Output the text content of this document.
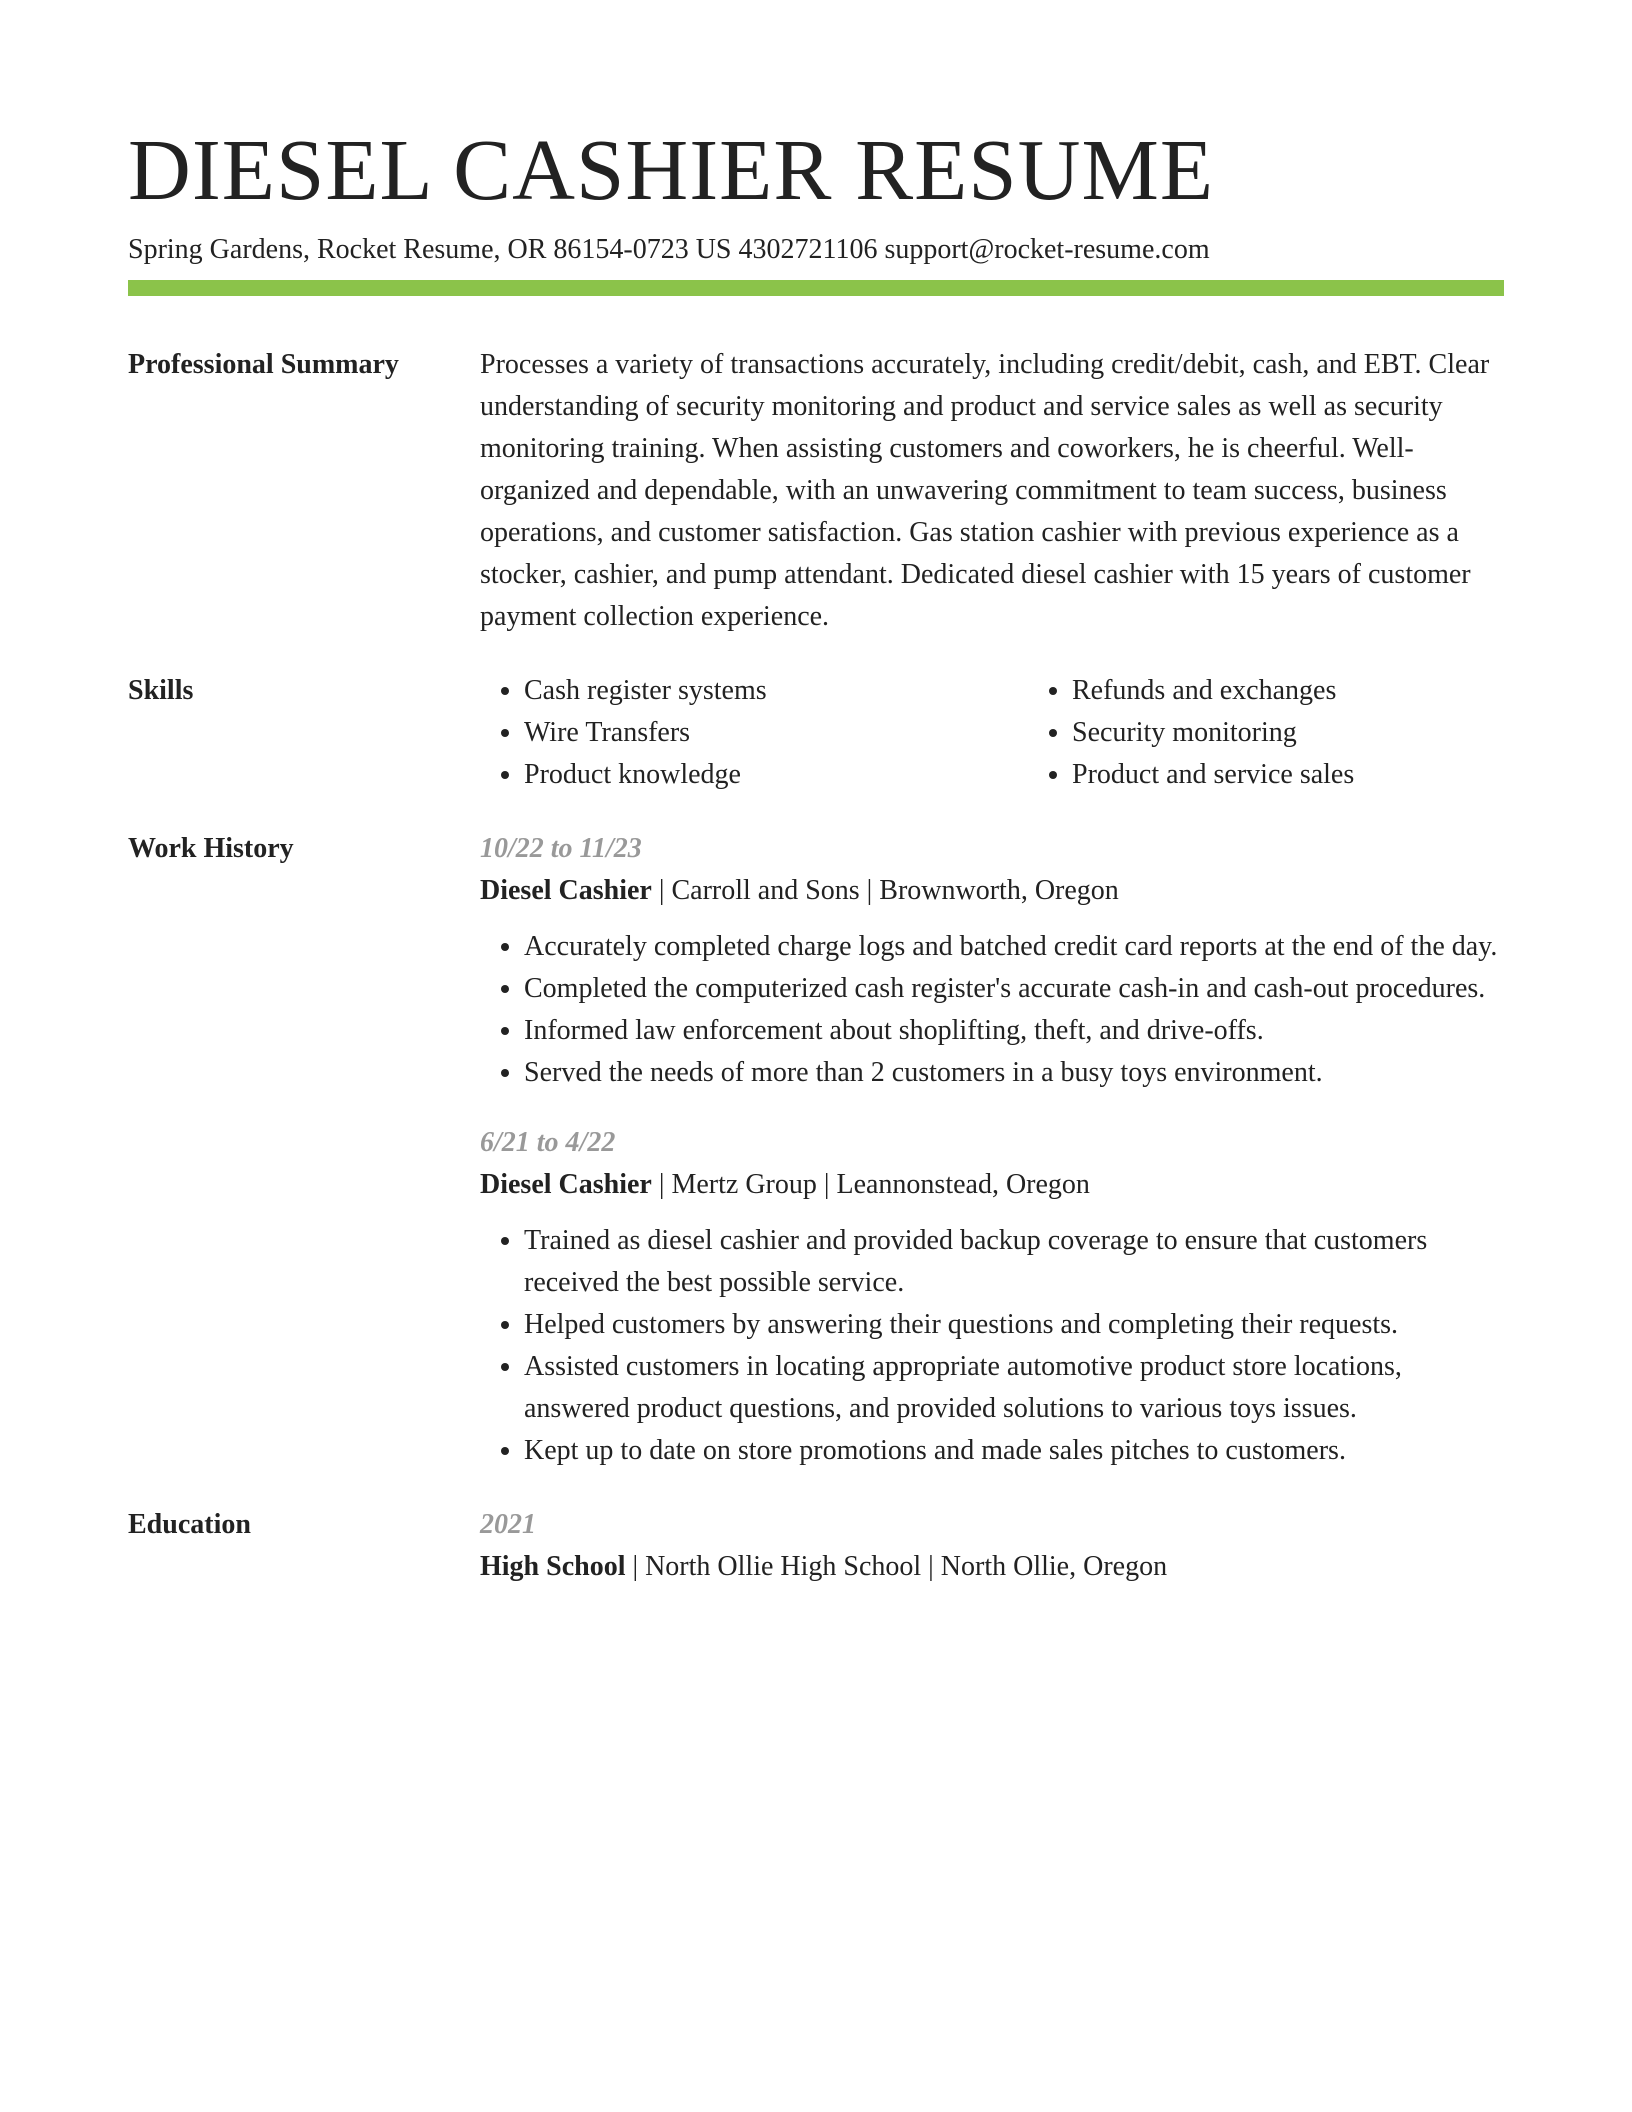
DIESEL CASHIER RESUME
Spring Gardens, Rocket Resume, OR 86154-0723 US 4302721106 support@rocket-resume.com
Professional Summary	Processes a variety of transactions accurately, including credit/debit, cash, and EBT. Clear understanding of security monitoring and product and service sales as well as security monitoring training. When assisting customers and coworkers, he is cheerful. Well-organized and dependable, with an unwavering commitment to team success, business operations, and customer satisfaction. Gas station cashier with previous experience as a stocker, cashier, and pump attendant. Dedicated diesel cashier with 15 years of customer payment collection experience.
Skills
•	Cash register systems
• Wire Transfers
• Product knowledge
• Refunds and exchanges
• Security monitoring
• Product and service sales
Work History	10/22 to 11/23
Diesel Cashier | Carroll and Sons | Brownworth, Oregon
• Accurately completed charge logs and batched credit card reports at the end of the day.
• Completed the computerized cash register's accurate cash-in and cash-out procedures.
• Informed law enforcement about shoplifting, theft, and drive-offs.
• Served the needs of more than 2 customers in a busy toys environment.
6/21 to 4/22
Diesel Cashier | Mertz Group | Leannonstead, Oregon
• Trained as diesel cashier and provided backup coverage to ensure that customers received the best possible service.
• Helped customers by answering their questions and completing their requests.
• Assisted customers in locating appropriate automotive product store locations, answered product questions, and provided solutions to various toys issues.
• Kept up to date on store promotions and made sales pitches to customers.
Education	2021
High School | North Ollie High School | North Ollie, Oregon
